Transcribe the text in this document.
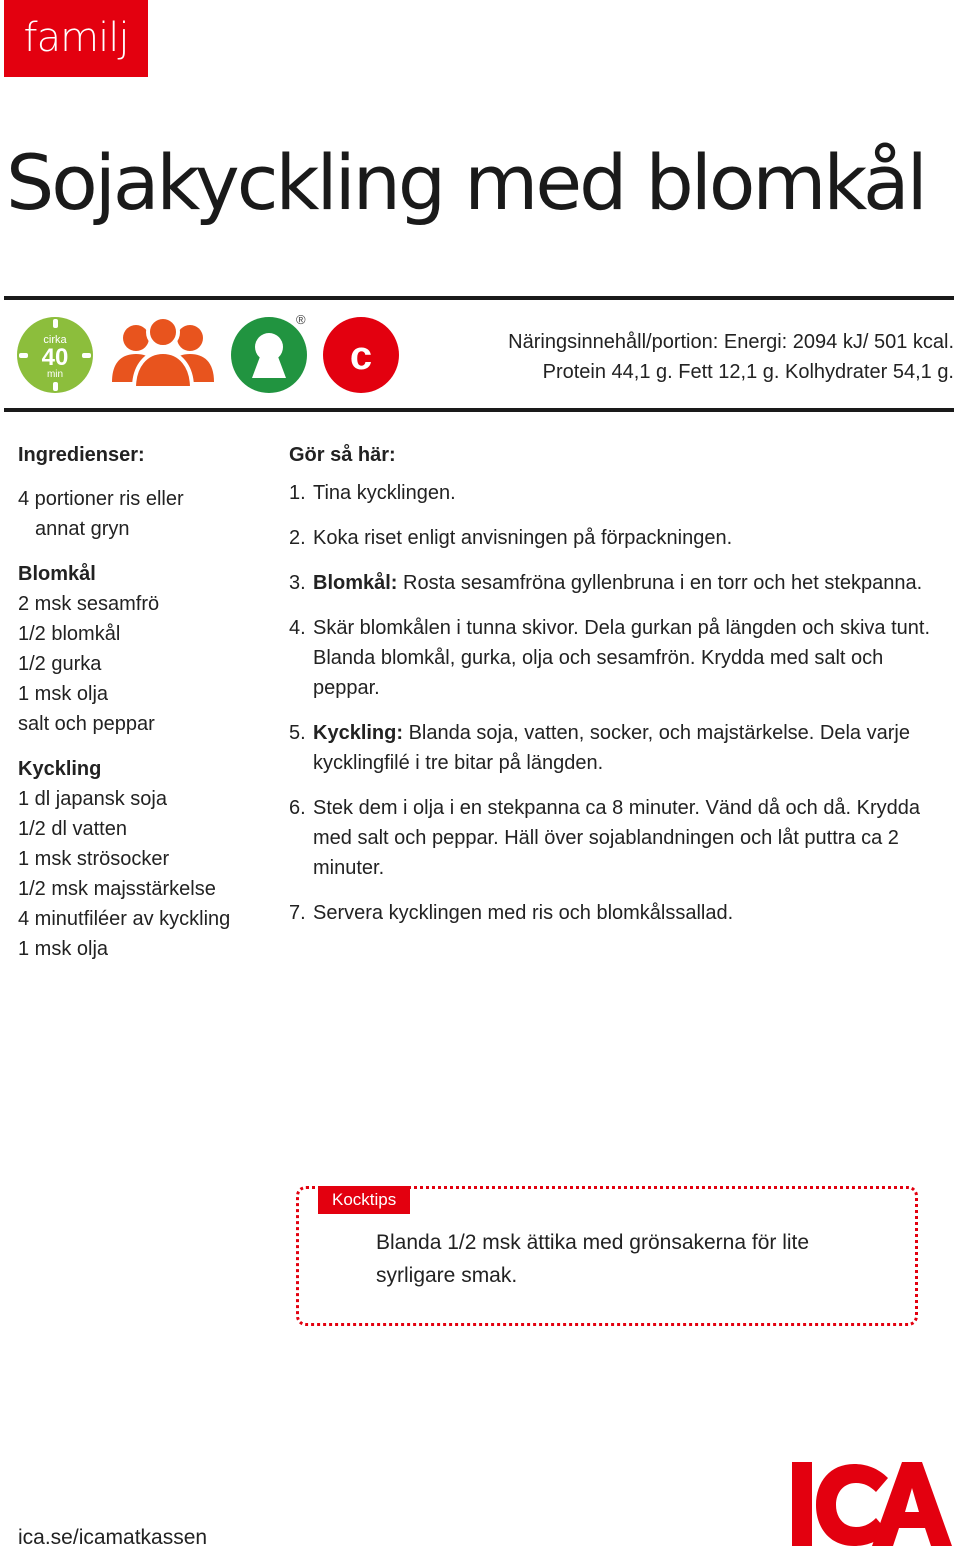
familj
Sojakyckling med blomkål
cirka
40
min
®
c	Näringsinnehåll/portion: Energi: 2094 kJ/ 501 kcal.
Protein 44,1 g. Fett 12,1 g. Kolhydrater 54,1 g.
Ingredienser:
4 portioner ris eller
annat gryn
Blomkål
2 msk sesamfrö
1/2 blomkål
1/2 gurka
1 msk olja
salt och peppar
Kyckling
1 dl japansk soja
1/2 dl vatten
1 msk strösocker
1/2 msk majsstärkelse
4 minutfiléer av kyckling
1 msk olja
Gör så här:
1. Tina kycklingen.
2. Koka riset enligt anvisningen på förpackningen.
3. Blomkål: Rosta sesamfröna gyllenbruna i en torr och het stekpanna.
4. Skär blomkålen i tunna skivor. Dela gurkan på längden och skiva tunt. Blanda blomkål, gurka, olja och sesamfrön. Krydda med salt och peppar.
5. Kyckling: Blanda soja, vatten, socker, och majstärkelse. Dela varje kycklingfilé i tre bitar på längden.
6. Stek dem i olja i en stekpanna ca 8 minuter. Vänd då och då. Krydda med salt och peppar. Häll över sojablandningen och låt puttra ca 2 minuter.
7. Servera kycklingen med ris och blomkålssallad.
Kocktips
Blanda 1/2 msk ättika med grönsakerna för lite syrligare smak.
ica.se/icamatkassen
